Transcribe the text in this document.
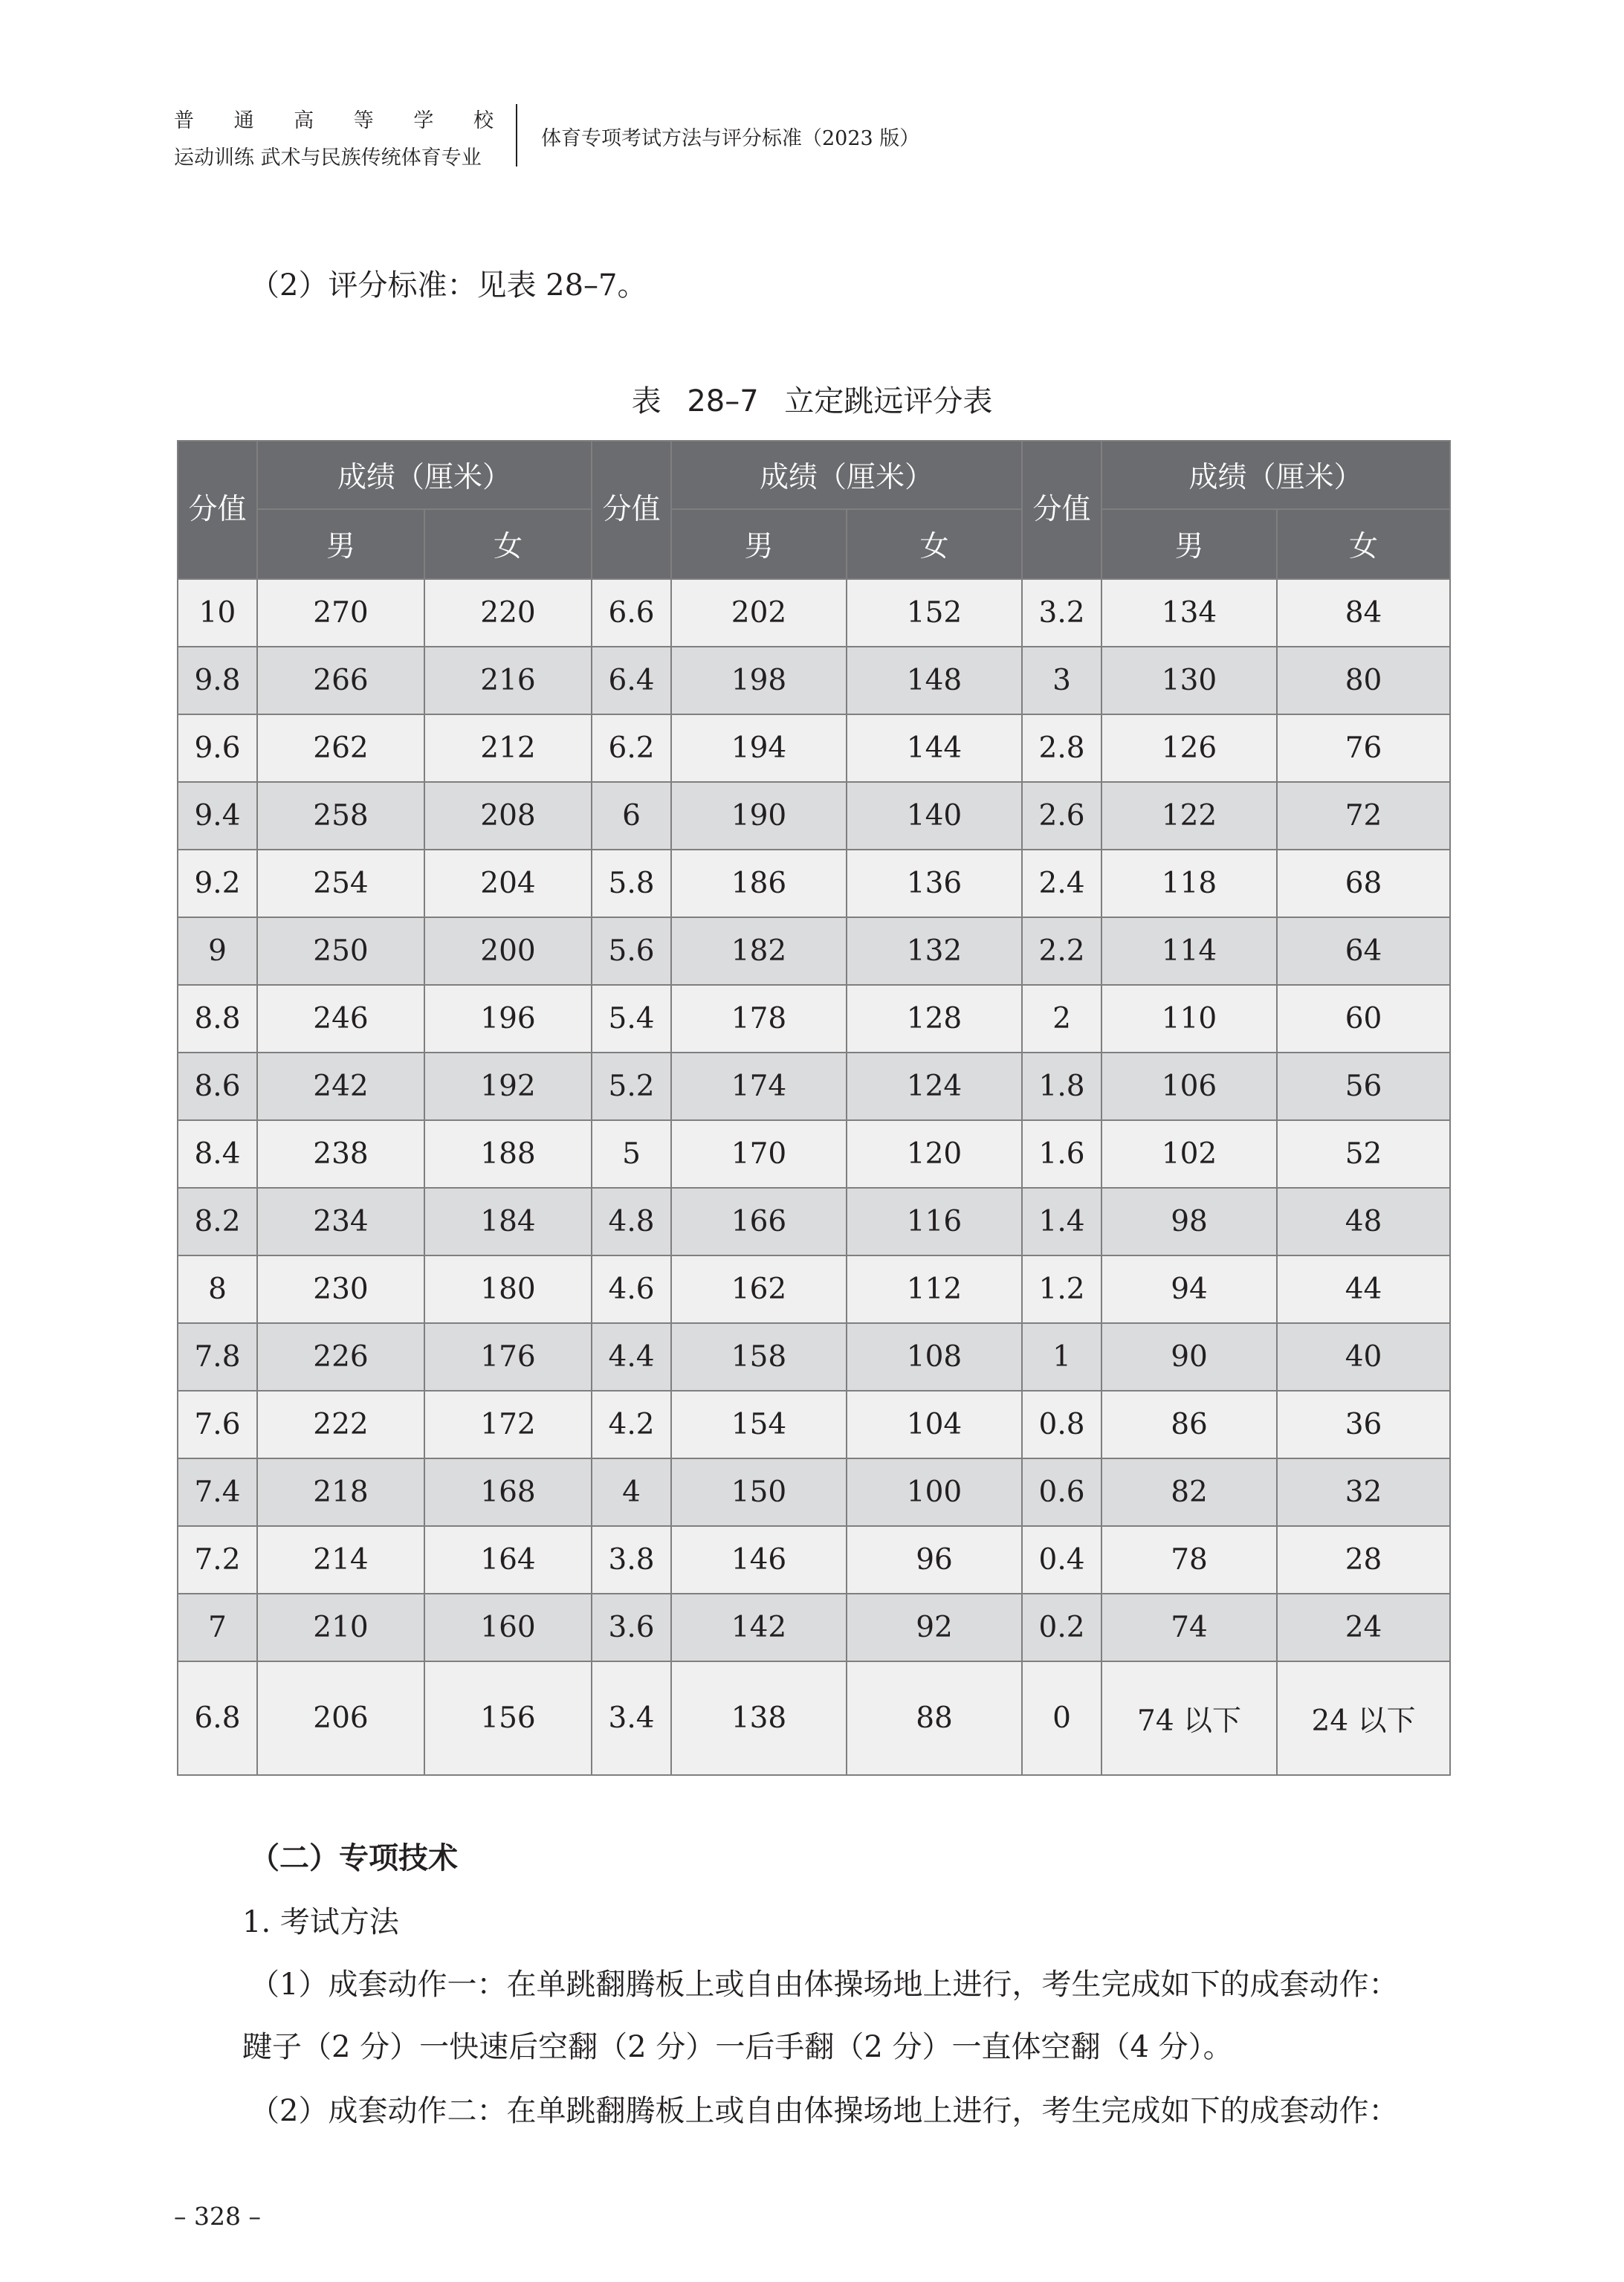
普 通 高 等 学 校
运动训练 武术与民族传统体育专业
体育专项考试方法与评分标准（2023 版）
（2）评分标准：见表 28–7。
表 28–7 立定跳远评分表
分值	成绩（厘米）		分值	成绩（厘米）		分值	成绩（厘米）	
	男	女		男	女		男	女
10	270	220	6.6	202	152	3.2	134	84
9.8	266	216	6.4	198	148	3	130	80
9.6	262	212	6.2	194	144	2.8	126	76
9.4	258	208	6	190	140	2.6	122	72
9.2	254	204	5.8	186	136	2.4	118	68
9	250	200	5.6	182	132	2.2	114	64
8.8	246	196	5.4	178	128	2	110	60
8.6	242	192	5.2	174	124	1.8	106	56
8.4	238	188	5	170	120	1.6	102	52
8.2	234	184	4.8	166	116	1.4	98	48
8	230	180	4.6	162	112	1.2	94	44
7.8	226	176	4.4	158	108	1	90	40
7.6	222	172	4.2	154	104	0.8	86	36
7.4	218	168	4	150	100	0.6	82	32
7.2	214	164	3.8	146	96	0.4	78	28
7	210	160	3.6	142	92	0.2	74	24
6.8	206	156	3.4	138	88	0	74 以下	24 以下
（二）专项技术
1. 考试方法
（1）成套动作一：在单跳翻腾板上或自由体操场地上进行，考生完成如下的成套动作：
踺子（2 分）一快速后空翻（2 分）一后手翻（2 分）一直体空翻（4 分）。
（2）成套动作二：在单跳翻腾板上或自由体操场地上进行，考生完成如下的成套动作：
– 328 –
